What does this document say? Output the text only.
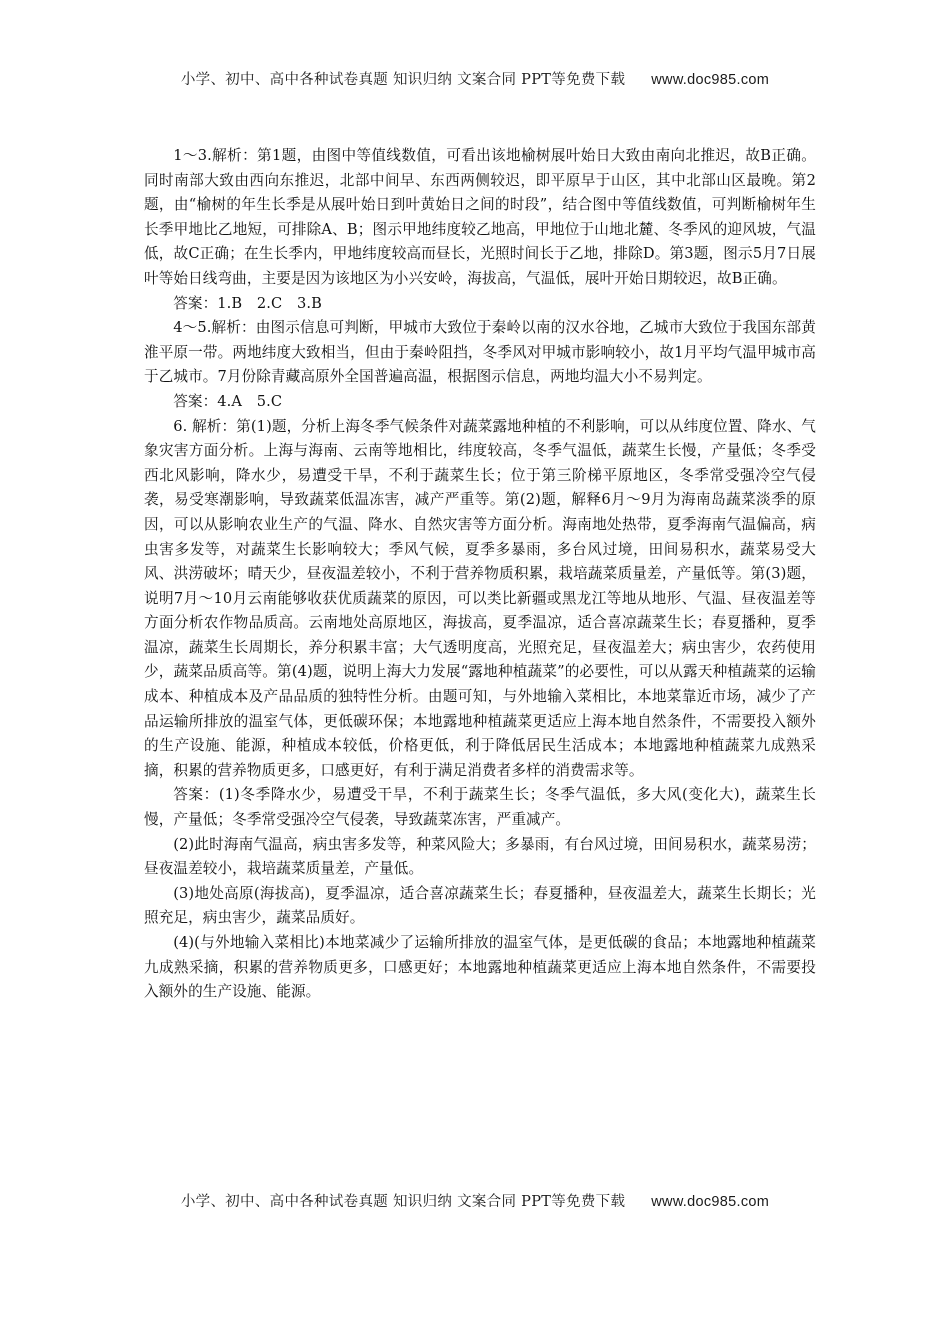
小学、初中、高中各种试卷真题 知识归纳 文案合同 PPT等免费下载 www.doc985.com

1～3.解析：第1题，由图中等值线数值，可看出该地榆树展叶始日大致由南向北推迟，故B正确。同时南部大致由西向东推迟，北部中间早、东西两侧较迟，即平原早于山区，其中北部山区最晚。第2题，由“榆树的年生长季是从展叶始日到叶黄始日之间的时段”，结合图中等值线数值，可判断榆树年生长季甲地比乙地短，可排除A、B；图示甲地纬度较乙地高，甲地位于山地北麓、冬季风的迎风坡，气温低，故C正确；在生长季内，甲地纬度较高而昼长，光照时间长于乙地，排除D。第3题，图示5月7日展叶等始日线弯曲，主要是因为该地区为小兴安岭，海拔高，气温低，展叶开始日期较迟，故B正确。

答案：1.B　2.C　3.B

4～5.解析：由图示信息可判断，甲城市大致位于秦岭以南的汉水谷地，乙城市大致位于我国东部黄淮平原一带。两地纬度大致相当，但由于秦岭阻挡，冬季风对甲城市影响较小，故1月平均气温甲城市高于乙城市。7月份除青藏高原外全国普遍高温，根据图示信息，两地均温大小不易判定。

答案：4.A　5.C

6. 解析：第(1)题，分析上海冬季气候条件对蔬菜露地种植的不利影响，可以从纬度位置、降水、气象灾害方面分析。上海与海南、云南等地相比，纬度较高，冬季气温低，蔬菜生长慢，产量低；冬季受西北风影响，降水少，易遭受干旱，不利于蔬菜生长；位于第三阶梯平原地区，冬季常受强冷空气侵袭，易受寒潮影响，导致蔬菜低温冻害，减产严重等。第(2)题，解释6月～9月为海南岛蔬菜淡季的原因，可以从影响农业生产的气温、降水、自然灾害等方面分析。海南地处热带，夏季海南气温偏高，病虫害多发等，对蔬菜生长影响较大；季风气候，夏季多暴雨，多台风过境，田间易积水，蔬菜易受大风、洪涝破坏；晴天少，昼夜温差较小，不利于营养物质积累，栽培蔬菜质量差，产量低等。第(3)题，说明7月～10月云南能够收获优质蔬菜的原因，可以类比新疆或黑龙江等地从地形、气温、昼夜温差等方面分析农作物品质高。云南地处高原地区，海拔高，夏季温凉，适合喜凉蔬菜生长；春夏播种，夏季温凉，蔬菜生长周期长，养分积累丰富；大气透明度高，光照充足，昼夜温差大；病虫害少，农药使用少，蔬菜品质高等。第(4)题，说明上海大力发展“露地种植蔬菜”的必要性，可以从露天种植蔬菜的运输成本、种植成本及产品品质的独特性分析。由题可知，与外地输入菜相比，本地菜靠近市场，减少了产品运输所排放的温室气体，更低碳环保；本地露地种植蔬菜更适应上海本地自然条件，不需要投入额外的生产设施、能源，种植成本较低，价格更低，利于降低居民生活成本；本地露地种植蔬菜九成熟采摘，积累的营养物质更多，口感更好，有利于满足消费者多样的消费需求等。

答案：(1)冬季降水少，易遭受干旱，不利于蔬菜生长；冬季气温低，多大风(变化大)，蔬菜生长慢，产量低；冬季常受强冷空气侵袭，导致蔬菜冻害，严重减产。

(2)此时海南气温高，病虫害多发等，种菜风险大；多暴雨，有台风过境，田间易积水，蔬菜易涝；昼夜温差较小，栽培蔬菜质量差，产量低。

(3)地处高原(海拔高)，夏季温凉，适合喜凉蔬菜生长；春夏播种，昼夜温差大，蔬菜生长期长；光照充足，病虫害少，蔬菜品质好。

(4)(与外地输入菜相比)本地菜减少了运输所排放的温室气体，是更低碳的食品；本地露地种植蔬菜九成熟采摘，积累的营养物质更多，口感更好；本地露地种植蔬菜更适应上海本地自然条件，不需要投入额外的生产设施、能源。

小学、初中、高中各种试卷真题 知识归纳 文案合同 PPT等免费下载 www.doc985.com
